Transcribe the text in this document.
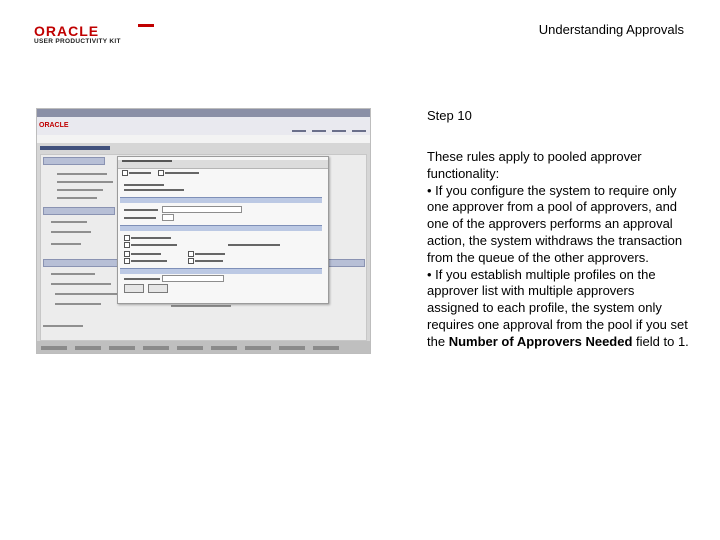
ORACLE
USER PRODUCTIVITY KIT
Understanding Approvals
ORACLE
Step 10

These rules apply to pooled approver functionality:

• If you configure the system to require only one approver from a pool of approvers, and one of the approvers performs an approval action, the system withdraws the transaction from the queue of the other approvers.

• If you establish multiple profiles on the approver list with multiple approvers assigned to each profile, the system only requires one approval from the pool if you set the Number of Approvers Needed field to 1.
